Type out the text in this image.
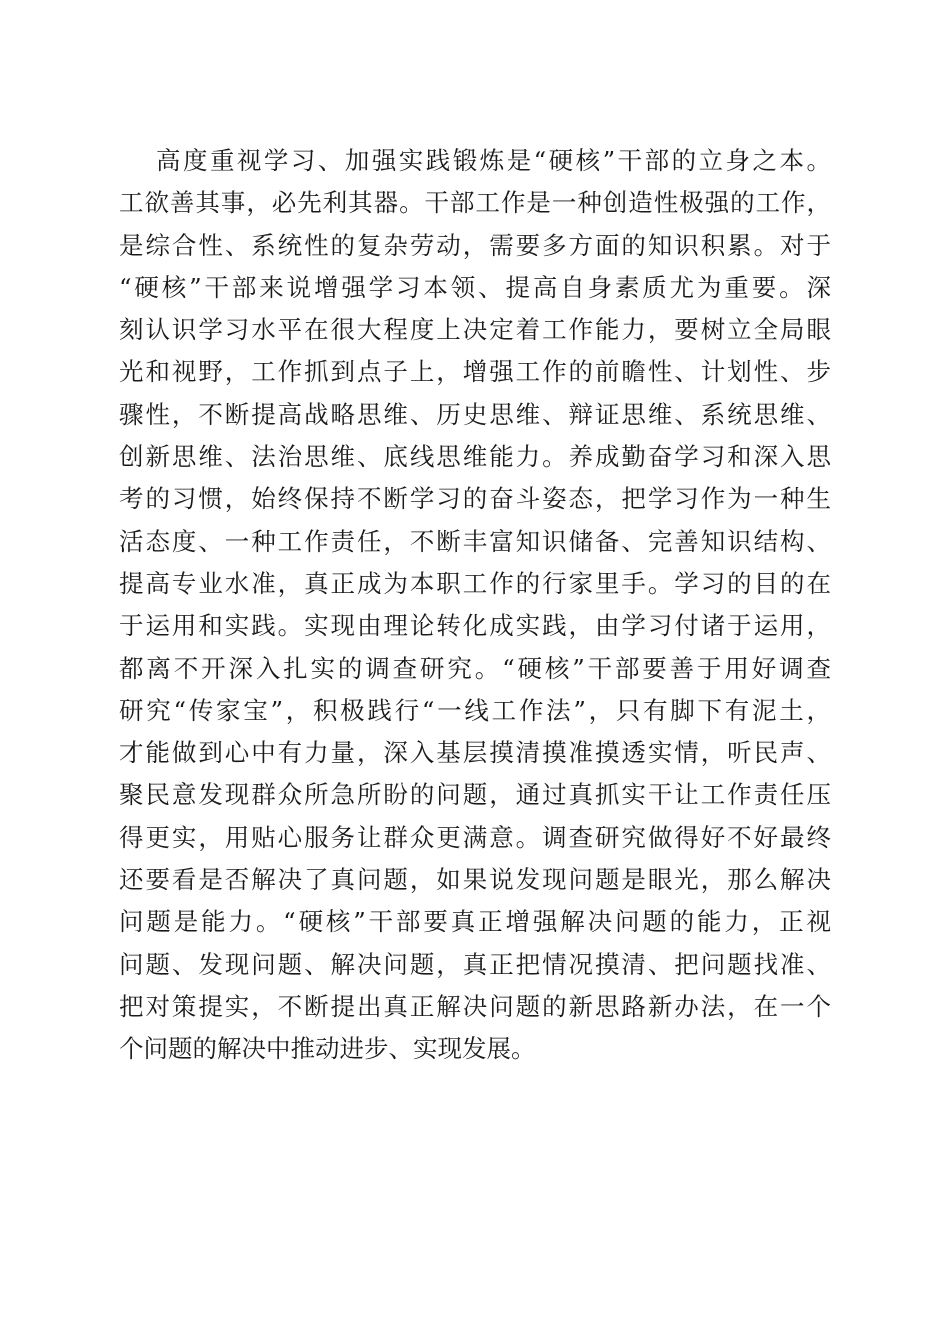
高度重视学习、加强实践锻炼是“硬核”干部的立身之本。
工欲善其事，必先利其器。干部工作是一种创造性极强的工作，
是综合性、系统性的复杂劳动，需要多方面的知识积累。对于
“硬核”干部来说增强学习本领、提高自身素质尤为重要。深
刻认识学习水平在很大程度上决定着工作能力，要树立全局眼
光和视野，工作抓到点子上，增强工作的前瞻性、计划性、步
骤性，不断提高战略思维、历史思维、辩证思维、系统思维、
创新思维、法治思维、底线思维能力。养成勤奋学习和深入思
考的习惯，始终保持不断学习的奋斗姿态，把学习作为一种生
活态度、一种工作责任，不断丰富知识储备、完善知识结构、
提高专业水准，真正成为本职工作的行家里手。学习的目的在
于运用和实践。实现由理论转化成实践，由学习付诸于运用，
都离不开深入扎实的调查研究。“硬核”干部要善于用好调查
研究“传家宝”，积极践行“一线工作法”，只有脚下有泥土，
才能做到心中有力量，深入基层摸清摸准摸透实情，听民声、
聚民意发现群众所急所盼的问题，通过真抓实干让工作责任压
得更实，用贴心服务让群众更满意。调查研究做得好不好最终
还要看是否解决了真问题，如果说发现问题是眼光，那么解决
问题是能力。“硬核”干部要真正增强解决问题的能力，正视
问题、发现问题、解决问题，真正把情况摸清、把问题找准、
把对策提实，不断提出真正解决问题的新思路新办法，在一个
个问题的解决中推动进步、实现发展。
